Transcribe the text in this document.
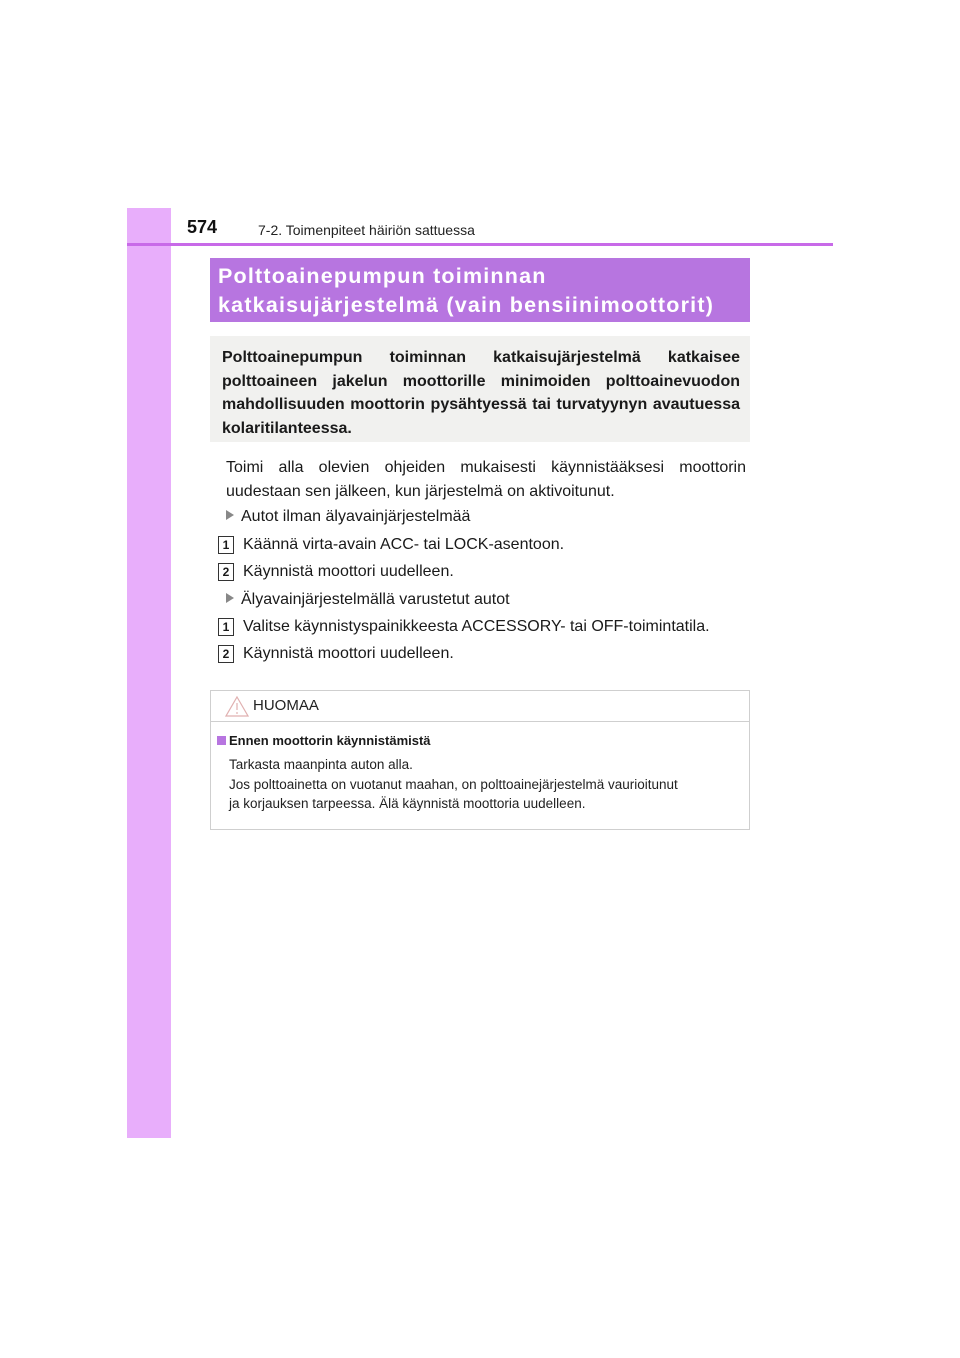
574	7-2. Toimenpiteet häiriön sattuessa
Polttoainepumpun toiminnan
katkaisujärjestelmä (vain bensiinimoottorit)

Polttoainepumpun toiminnan katkaisujärjestelmä katkaisee polttoaineen jakelun moottorille minimoiden polttoainevuodon mahdollisuuden moottorin pysähtyessä tai turvatyynyn avautuessa kolaritilanteessa.

Toimi alla olevien ohjeiden mukaisesti käynnistääksesi moottorin uudestaan sen jälkeen, kun järjestelmä on aktivoitunut.

Autot ilman älyavainjärjestelmää
1 Käännä virta-avain ACC- tai LOCK-asentoon.
2 Käynnistä moottori uudelleen.
Älyavainjärjestelmällä varustetut autot
1 Valitse käynnistyspainikkeesta ACCESSORY- tai OFF-toimintatila.
2 Käynnistä moottori uudelleen.
HUOMAA
Ennen moottorin käynnistämistä

Tarkasta maanpinta auton alla.
Jos polttoainetta on vuotanut maahan, on polttoainejärjestelmä vaurioitunut
ja korjauksen tarpeessa. Älä käynnistä moottoria uudelleen.
